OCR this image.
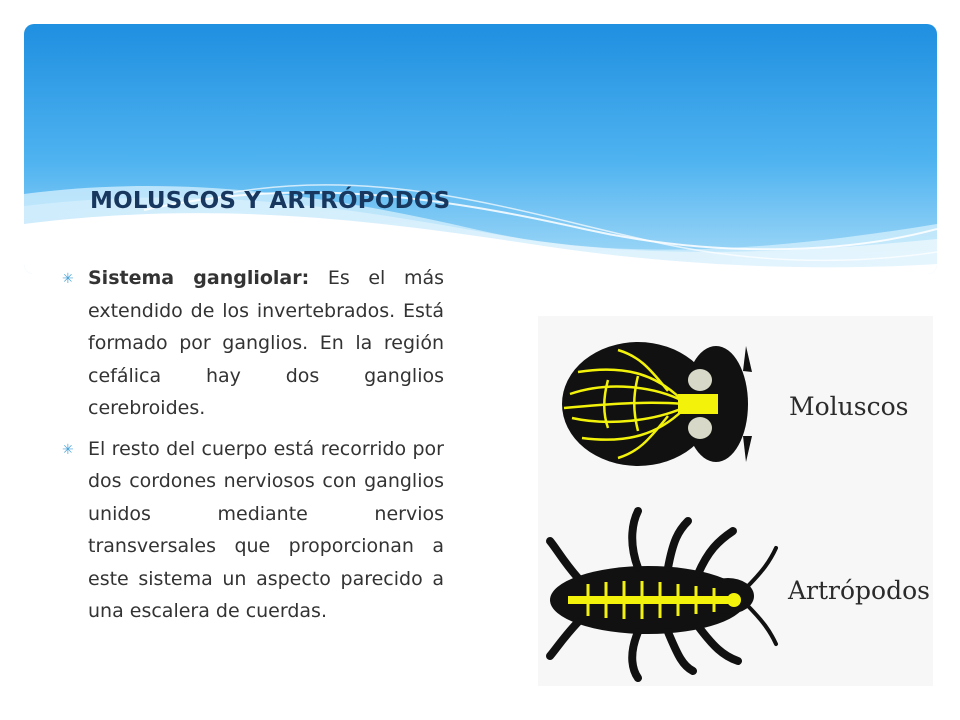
MOLUSCOS Y ARTRÓPODOS
✳ Sistema gangliolar: Es el más extendido de los invertebrados. Está formado por ganglios. En la región cefálica hay dos ganglios cerebroides.
✳ El resto del cuerpo está recorrido por dos cordones nerviosos con ganglios unidos mediante nervios transversales que proporcionan a este sistema un aspecto parecido a una escalera de cuerdas.
Moluscos
Artrópodos
